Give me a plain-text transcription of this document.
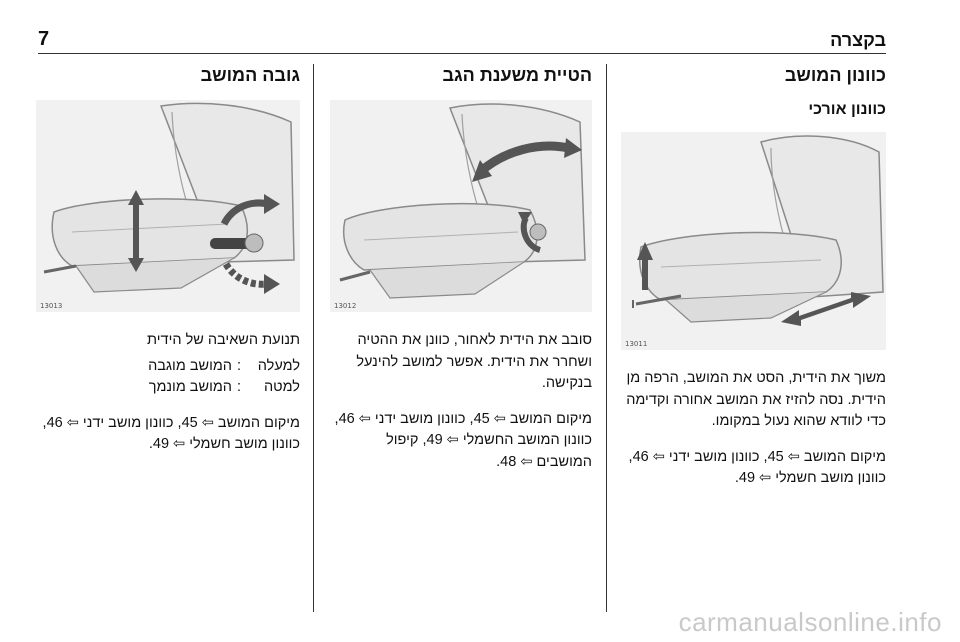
7	בקצרה
כוונון המושב
כוונון אורכי
13011

משוך את הידית, הסט את המושב, הרפה מן הידית. נסה להזיז את המושב אחורה וקדימה כדי לוודא שהוא נעול במקומו.

מיקום המושב ⇦ 45, כוונון מושב ידני ⇦ 46, כוונון מושב חשמלי ⇦ 49.

הטיית משענת הגב
13012

סובב את הידית לאחור, כוונן את ההטיה ושחרר את הידית. אפשר למושב להינעל בנקישה.

מיקום המושב ⇦ 45, כוונון מושב ידני ⇦ 46, כוונון המושב החשמלי ⇦ 49, קיפול המושבים ⇦ 48.

גובה המושב
13013

תנועת השאיבה של הידית

למעלה
:
המושב מוגבה
למטה
:
המושב מונמך

מיקום המושב ⇦ 45, כוונון מושב ידני ⇦ 46, כוונון מושב חשמלי ⇦ 49.

carmanualsonline.info
